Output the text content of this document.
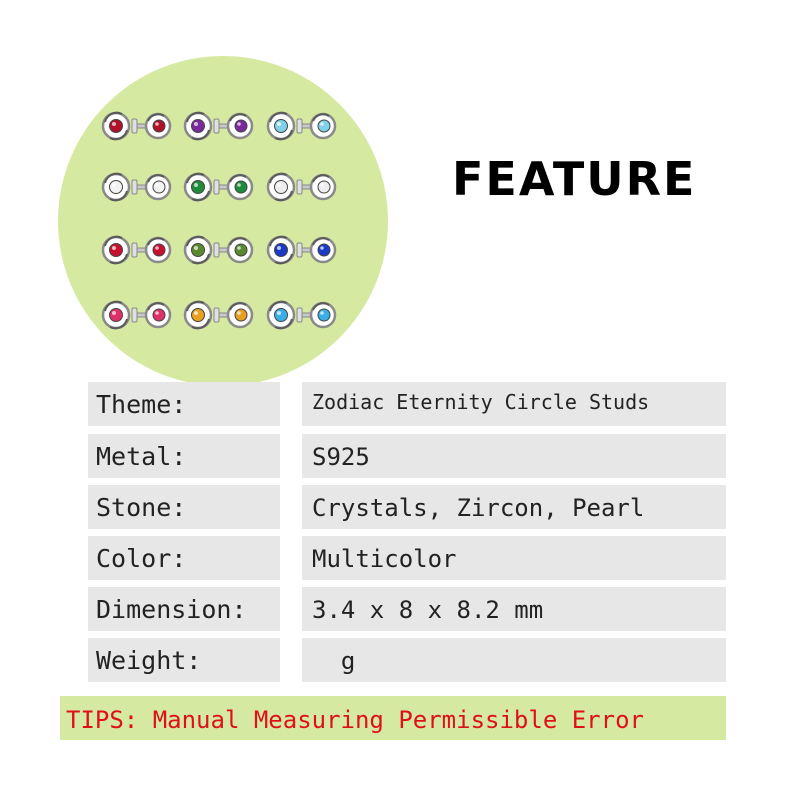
FEATURE
Theme:	Zodiac Eternity Circle Studs
Metal:	S925
Stone:	Crystals, Zircon, Pearl
Color:	Multicolor
Dimension:	3.4 x 8 x 8.2 mm
Weight:	g
TIPS: Manual Measuring Permissible Error
